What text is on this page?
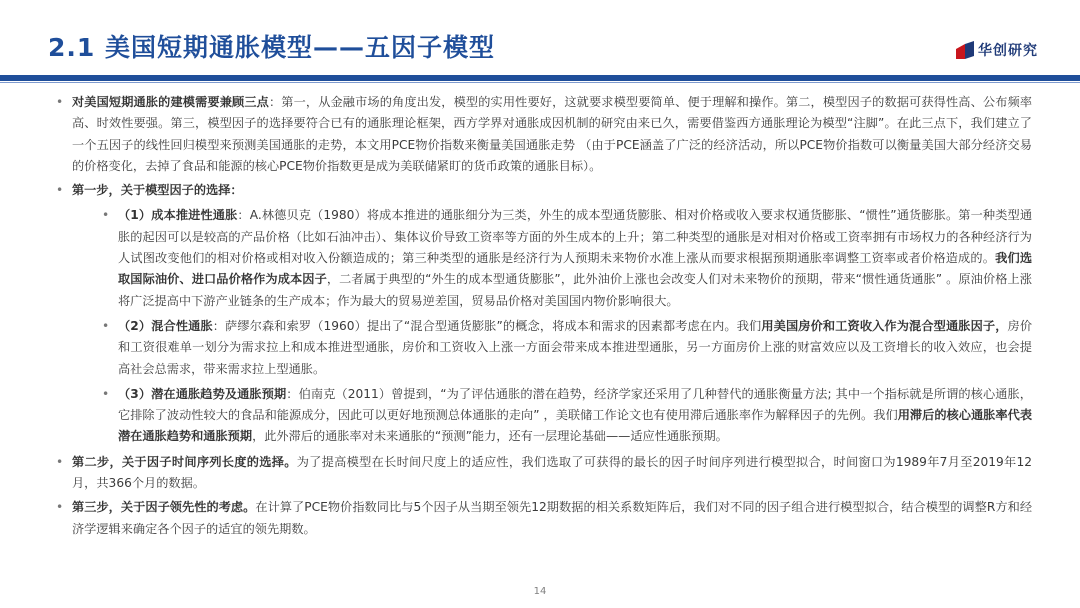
2.1 美国短期通胀模型——五因子模型	华创研究
• 对美国短期通胀的建模需要兼顾三点：第一，从金融市场的角度出发，模型的实用性要好，这就要求模型要简单、便于理解和操作。第二，模型因子的数据可获得性高、公布频率高、时效性要强。第三，模型因子的选择要符合已有的通胀理论框架，西方学界对通胀成因机制的研究由来已久，需要借鉴西方通胀理论为模型“注脚”。在此三点下，我们建立了一个五因子的线性回归模型来预测美国通胀的走势，本文用PCE物价指数来衡量美国通胀走势 （由于PCE涵盖了广泛的经济活动，所以PCE物价指数可以衡量美国大部分经济交易的价格变化，去掉了食品和能源的核心PCE物价指数更是成为美联储紧盯的货币政策的通胀目标）。
• 第一步，关于模型因子的选择：
• （1）成本推进性通胀：A.林德贝克（1980）将成本推进的通胀细分为三类，外生的成本型通货膨胀、相对价格或收入要求权通货膨胀、“惯性”通货膨胀。第一种类型通胀的起因可以是较高的产品价格（比如石油冲击）、集体议价导致工资率等方面的外生成本的上升；第二种类型的通胀是对相对价格或工资率拥有市场权力的各种经济行为人试图改变他们的相对价格或相对收入份额造成的；第三种类型的通胀是经济行为人预期未来物价水准上涨从而要求根据预期通胀率调整工资率或者价格造成的。我们选取国际油价、进口品价格作为成本因子，二者属于典型的“外生的成本型通货膨胀”，此外油价上涨也会改变人们对未来物价的预期，带来“惯性通货通胀” 。原油价格上涨将广泛提高中下游产业链条的生产成本；作为最大的贸易逆差国，贸易品价格对美国国内物价影响很大。
• （2）混合性通胀：萨缪尔森和索罗（1960）提出了“混合型通货膨胀”的概念，将成本和需求的因素都考虑在内。我们用美国房价和工资收入作为混合型通胀因子，房价和工资很难单一划分为需求拉上和成本推进型通胀，房价和工资收入上涨一方面会带来成本推进型通胀，另一方面房价上涨的财富效应以及工资增长的收入效应，也会提高社会总需求，带来需求拉上型通胀。
• （3）潜在通胀趋势及通胀预期：伯南克（2011）曾提到，“为了评估通胀的潜在趋势，经济学家还采用了几种替代的通胀衡量方法; 其中一个指标就是所谓的核心通胀，它排除了波动性较大的食品和能源成分，因此可以更好地预测总体通胀的走向” ，美联储工作论文也有使用滞后通胀率作为解释因子的先例。我们用滞后的核心通胀率代表潜在通胀趋势和通胀预期，此外滞后的通胀率对未来通胀的“预测”能力，还有一层理论基础——适应性通胀预期。
• 第二步，关于因子时间序列长度的选择。为了提高模型在长时间尺度上的适应性，我们选取了可获得的最长的因子时间序列进行模型拟合，时间窗口为1989年7月至2019年12月，共366个月的数据。
• 第三步，关于因子领先性的考虑。在计算了PCE物价指数同比与5个因子从当期至领先12期数据的相关系数矩阵后，我们对不同的因子组合进行模型拟合，结合模型的调整R方和经济学逻辑来确定各个因子的适宜的领先期数。
14
